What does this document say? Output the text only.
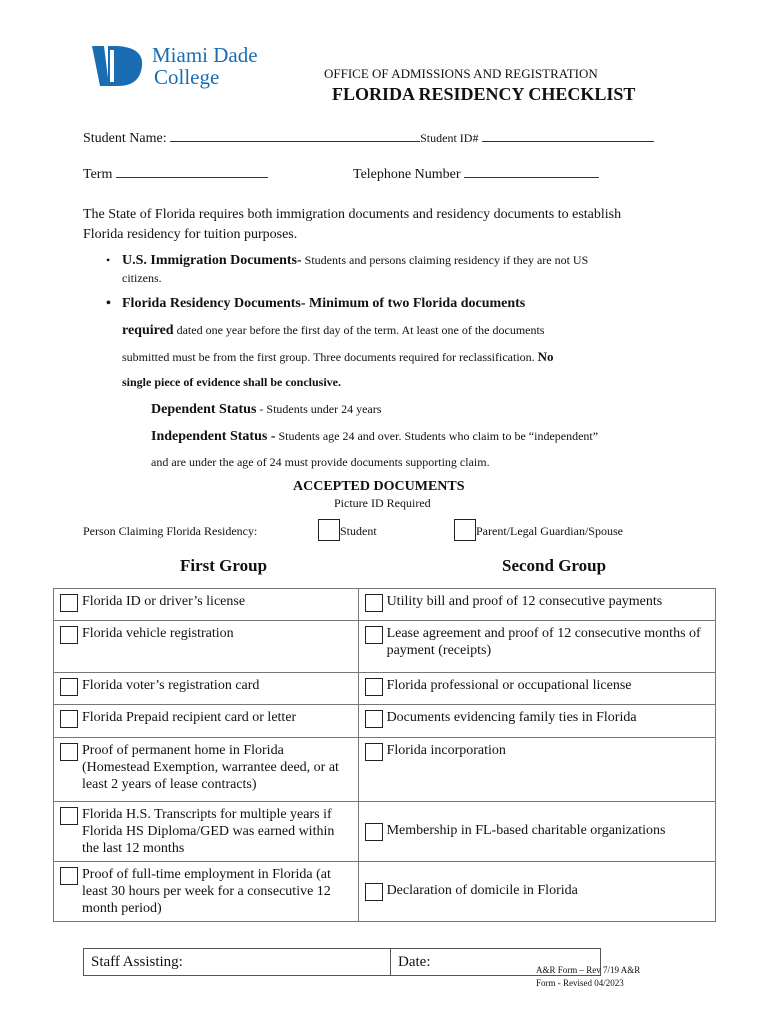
Miami Dade
College	OFFICE OF ADMISSIONS AND REGISTRATION
FLORIDA RESIDENCY CHECKLIST
Student Name:	Student ID#
Term	Telephone Number
The State of Florida requires both immigration documents and residency documents to establish
Florida residency for tuition purposes.
• U.S. Immigration Documents- Students and persons claiming residency if they are not US
citizens.
• Florida Residency Documents- Minimum of two Florida documents
required dated one year before the first day of the term. At least one of the documents
submitted must be from the first group. Three documents required for reclassification. No
single piece of evidence shall be conclusive.
Dependent Status - Students under 24 years
Independent Status - Students age 24 and over. Students who claim to be “independent”
and are under the age of 24 must provide documents supporting claim.
ACCEPTED DOCUMENTS
Picture ID Required
Person Claiming Florida Residency:	Student	Parent/Legal Guardian/Spouse
First Group	Second Group
Florida ID or driver’s license	Utility bill and proof of 12 consecutive payments

Florida vehicle registration	Lease agreement and proof of 12 consecutive months of payment (receipts)

Florida voter’s registration card	Florida professional or occupational license

Florida Prepaid recipient card or letter	Documents evidencing family ties in Florida

Proof of permanent home in Florida (Homestead Exemption, warrantee deed, or at least 2 years of lease contracts)	Florida incorporation

Florida H.S. Transcripts for multiple years if Florida HS Diploma/GED was earned within the last 12 months	Membership in FL-based charitable organizations

Proof of full-time employment in Florida (at least 30 hours per week for a consecutive 12 month period)	Declaration of domicile in Florida
Staff Assisting:	Date:
A&R Form – Rev 7/19 A&R
Form - Revised 04/2023
